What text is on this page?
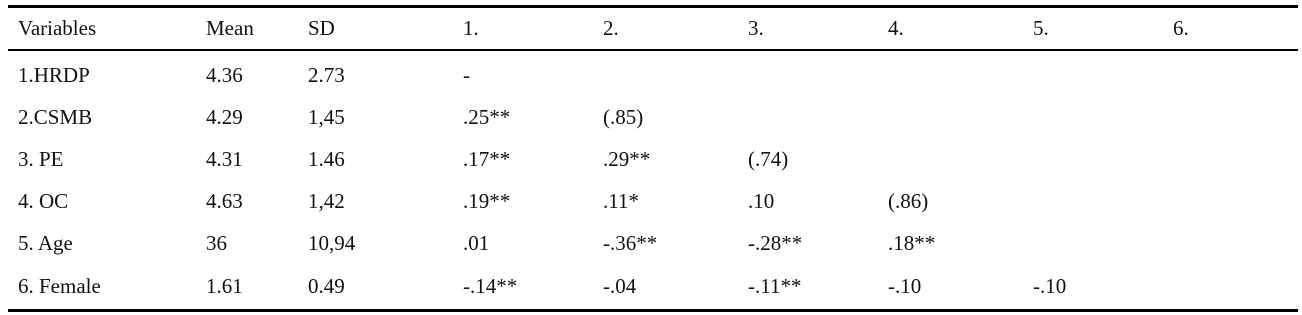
Variables	Mean	SD	1.	2.	3.	4.	5.	6.
1.HRDP	4.36	2.73	-
2.CSMB	4.29	1,45	.25**	(.85)
3. PE	4.31	1.46	.17**	.29**	(.74)
4. OC	4.63	1,42	.19**	.11*	.10	(.86)
5. Age	36	10,94	.01	-.36**	-.28**	.18**
6. Female	1.61	0.49	-.14**	-.04	-.11**	-.10	-.10
